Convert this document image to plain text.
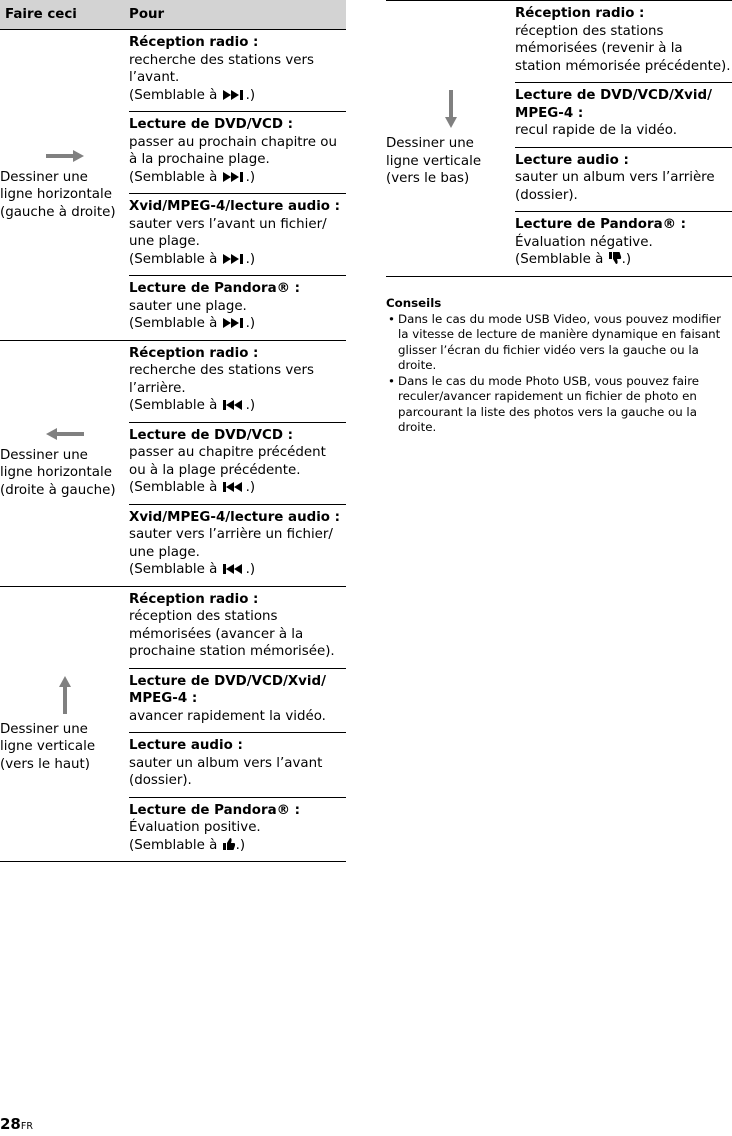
Faire ceci	Pour
Dessiner une ligne horizontale (gauche à droite)
Réception radio :
recherche des stations vers l’avant.
(Semblable à .)
Lecture de DVD/VCD :
passer au prochain chapitre ou à la prochaine plage.
(Semblable à .)
Xvid/MPEG-4/lecture audio :
sauter vers l’avant un fichier/ une plage.
(Semblable à .)
Lecture de Pandora® :
sauter une plage.
(Semblable à .)
Dessiner une ligne horizontale (droite à gauche)
Réception radio :
recherche des stations vers l’arrière.
(Semblable à .)
Lecture de DVD/VCD :
passer au chapitre précédent ou à la plage précédente.
(Semblable à .)
Xvid/MPEG-4/lecture audio :
sauter vers l’arrière un fichier/ une plage.
(Semblable à .)
Dessiner une ligne verticale (vers le haut)
Réception radio :
réception des stations mémorisées (avancer à la prochaine station mémorisée).
Lecture de DVD/VCD/Xvid/ MPEG-4 :
avancer rapidement la vidéo.
Lecture audio :
sauter un album vers l’avant (dossier).
Lecture de Pandora® :
Évaluation positive.
(Semblable à .)
Dessiner une ligne verticale (vers le bas)
Réception radio :
réception des stations mémorisées (revenir à la station mémorisée précédente).
Lecture de DVD/VCD/Xvid/ MPEG-4 :
recul rapide de la vidéo.
Lecture audio :
sauter un album vers l’arrière (dossier).
Lecture de Pandora® :
Évaluation négative.
(Semblable à .)
Conseils
• Dans le cas du mode USB Video, vous pouvez modifier la vitesse de lecture de manière dynamique en faisant glisser l’écran du fichier vidéo vers la gauche ou la droite.
• Dans le cas du mode Photo USB, vous pouvez faire reculer/avancer rapidement un fichier de photo en parcourant la liste des photos vers la gauche ou la droite.
28FR
